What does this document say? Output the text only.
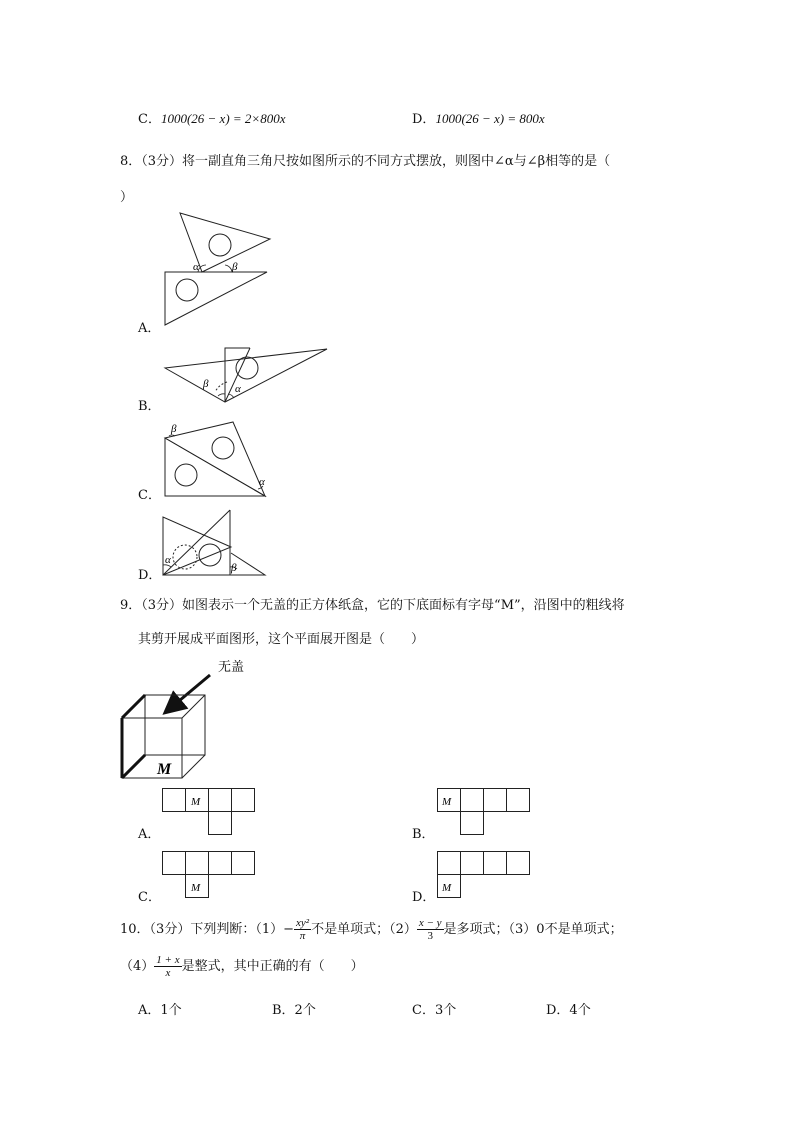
C．1000(26 − x) = 2×800x	D．1000(26 − x) = 800x
8．（3分）将一副直角三角尺按如图所示的不同方式摆放，则图中∠α与∠β相等的是（
）
A．
B．
C．
D．
α	β
β α
β
α
α
β
9．（3分）如图表示一个无盖的正方体纸盒，它的下底面标有字母“M”，沿图中的粗线将
其剪开展成平面图形，这个平面展开图是（　　）
无盖
M
A．
M
B．
M
C．
M
D．
M
10．（3分）下列判断：$(1)- \frac{\text{xy²}}{\pi}$ 不是单项式；$(2) \frac{x - y}{3}$ 是多项式；（3）0不是单项式；
$(4) \frac{1 + x}{x}$ 是整式，其中正确的有（　　）
A．1个	B．2个	C．3个	D．4个
